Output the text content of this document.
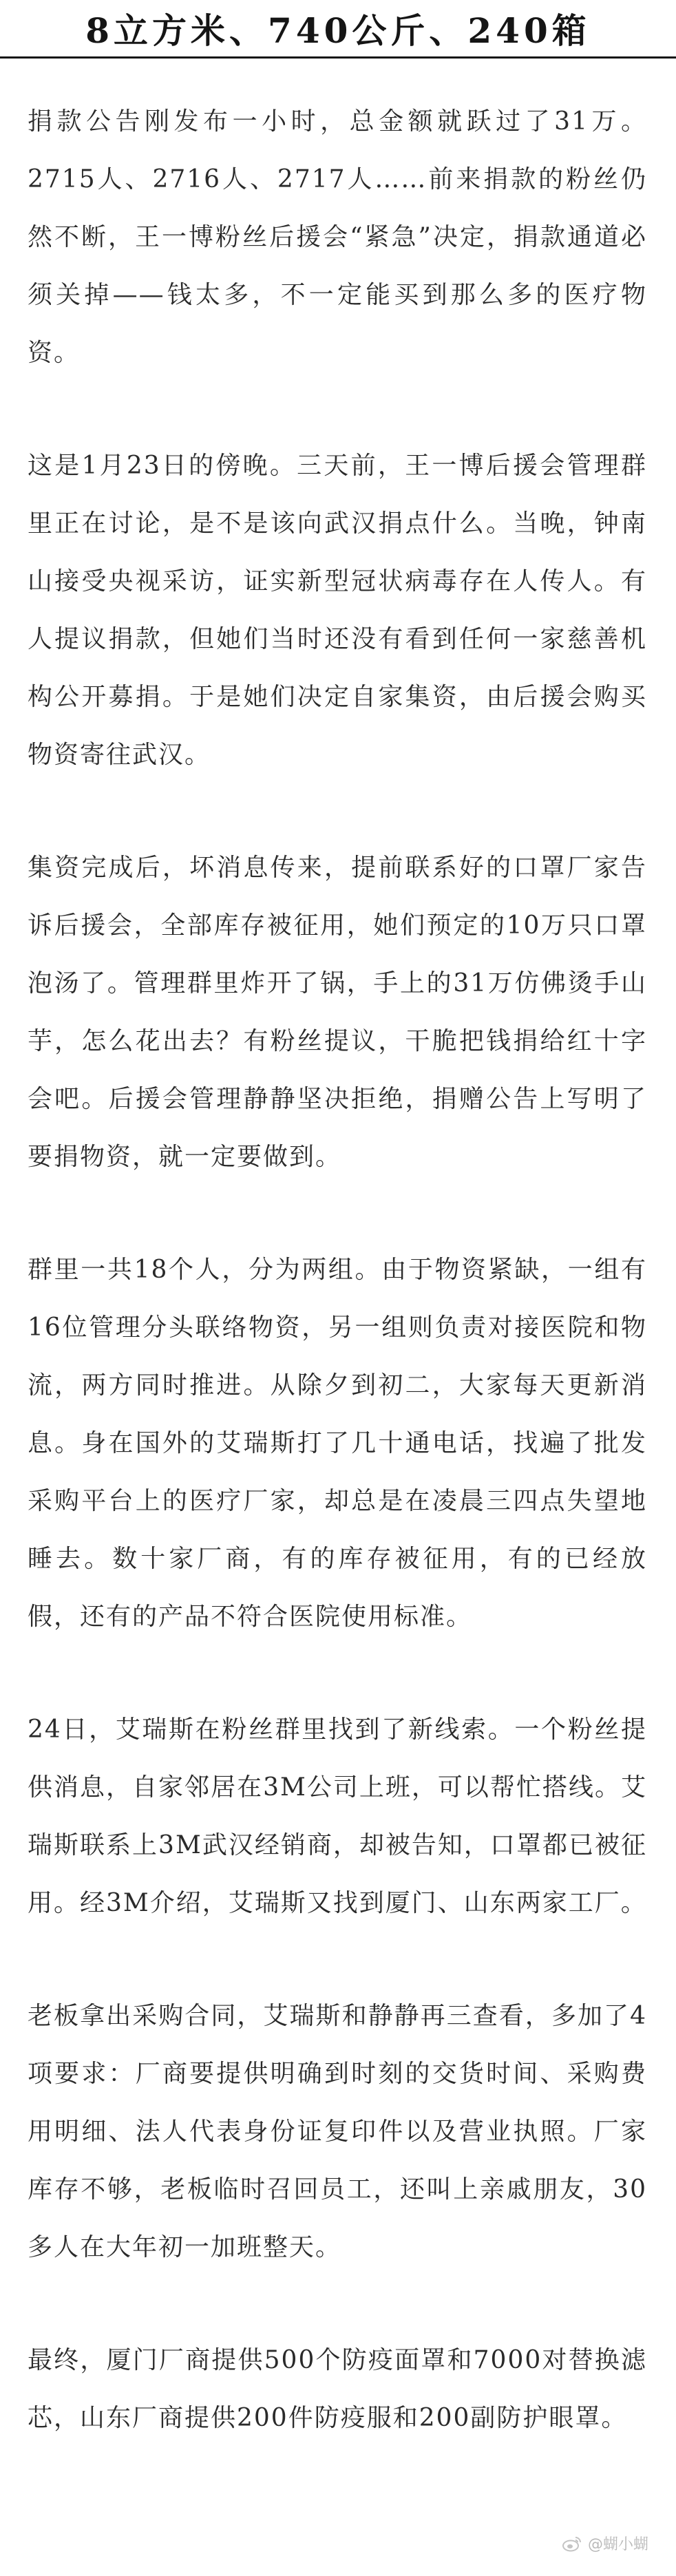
8立方米、740公斤、240箱

捐款公告刚发布一小时，总金额就跃过了31万。2715人、2716人、2717人……前来捐款的粉丝仍然不断，王一博粉丝后援会“紧急”决定，捐款通道必须关掉——钱太多，不一定能买到那么多的医疗物资。

这是1月23日的傍晚。三天前，王一博后援会管理群里正在讨论，是不是该向武汉捐点什么。当晚，钟南山接受央视采访，证实新型冠状病毒存在人传人。有人提议捐款，但她们当时还没有看到任何一家慈善机构公开募捐。于是她们决定自家集资，由后援会购买物资寄往武汉。

集资完成后，坏消息传来，提前联系好的口罩厂家告诉后援会，全部库存被征用，她们预定的10万只口罩泡汤了。管理群里炸开了锅，手上的31万仿佛烫手山芋，怎么花出去？有粉丝提议，干脆把钱捐给红十字会吧。后援会管理静静坚决拒绝，捐赠公告上写明了要捐物资，就一定要做到。

群里一共18个人，分为两组。由于物资紧缺，一组有16位管理分头联络物资，另一组则负责对接医院和物流，两方同时推进。从除夕到初二，大家每天更新消息。身在国外的艾瑞斯打了几十通电话，找遍了批发采购平台上的医疗厂家，却总是在凌晨三四点失望地睡去。数十家厂商，有的库存被征用，有的已经放假，还有的产品不符合医院使用标准。

24日，艾瑞斯在粉丝群里找到了新线索。一个粉丝提供消息，自家邻居在3M公司上班，可以帮忙搭线。艾瑞斯联系上3M武汉经销商，却被告知，口罩都已被征用。经3M介绍，艾瑞斯又找到厦门、山东两家工厂。

老板拿出采购合同，艾瑞斯和静静再三查看，多加了4项要求：厂商要提供明确到时刻的交货时间、采购费用明细、法人代表身份证复印件以及营业执照。厂家库存不够，老板临时召回员工，还叫上亲戚朋友，30多人在大年初一加班整天。

最终，厦门厂商提供500个防疫面罩和7000对替换滤芯，山东厂商提供200件防疫服和200副防护眼罩。

@蝴小蝴
